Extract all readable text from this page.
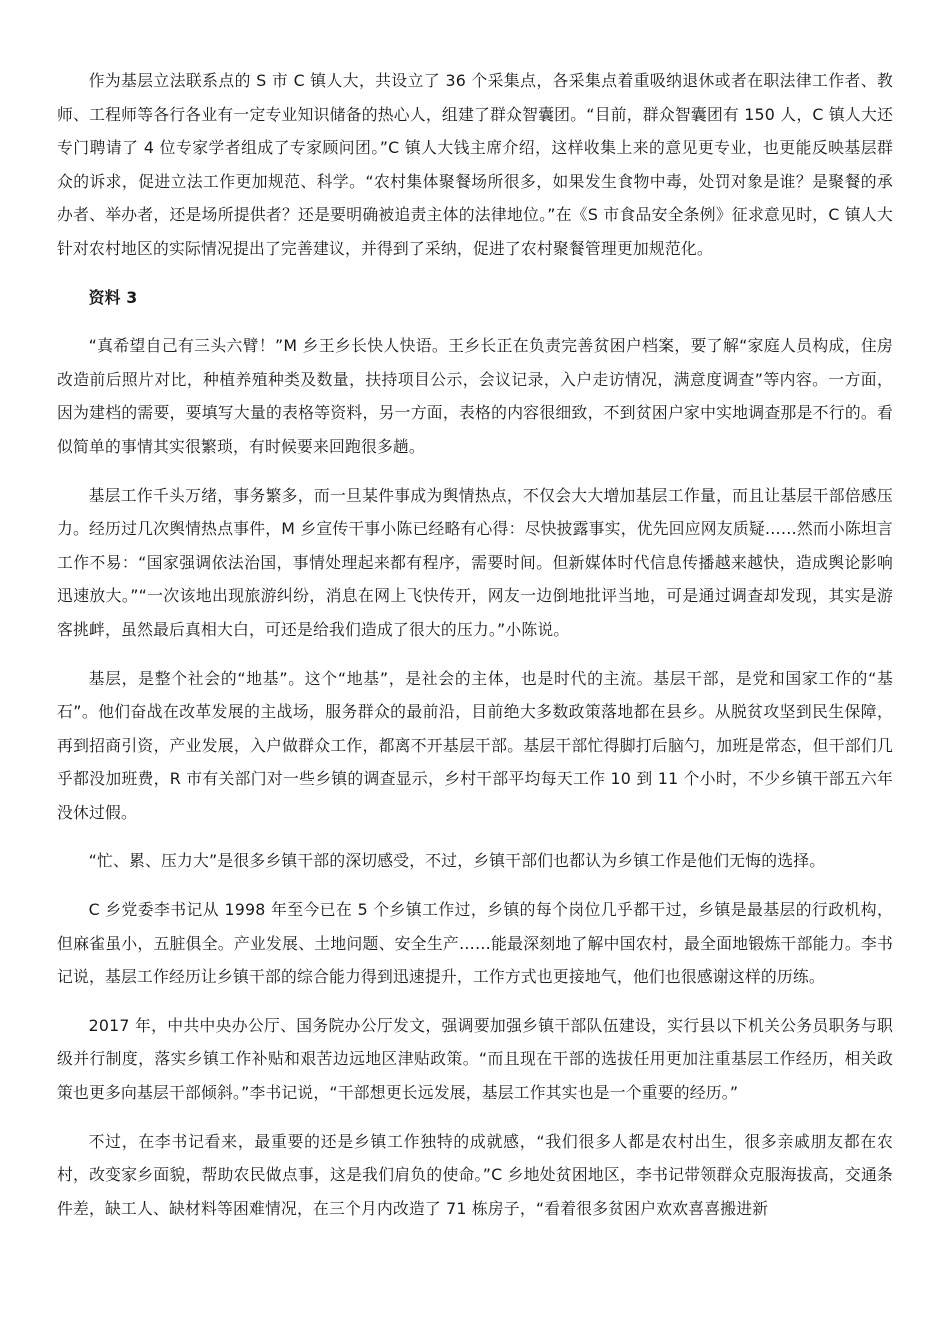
作为基层立法联系点的 S 市 C 镇人大，共设立了 36 个采集点，各采集点着重吸纳退休或者在职法律工作者、教师、工程师等各行各业有一定专业知识储备的热心人，组建了群众智囊团。“目前，群众智囊团有 150 人，C 镇人大还专门聘请了 4 位专家学者组成了专家顾问团。”C 镇人大钱主席介绍，这样收集上来的意见更专业，也更能反映基层群众的诉求，促进立法工作更加规范、科学。“农村集体聚餐场所很多，如果发生食物中毒，处罚对象是谁？是聚餐的承办者、举办者，还是场所提供者？还是要明确被追责主体的法律地位。”在《S 市食品安全条例》征求意见时，C 镇人大针对农村地区的实际情况提出了完善建议，并得到了采纳，促进了农村聚餐管理更加规范化。

资料 3

“真希望自己有三头六臂！”M 乡王乡长快人快语。王乡长正在负责完善贫困户档案，要了解“家庭人员构成，住房改造前后照片对比，种植养殖种类及数量，扶持项目公示，会议记录，入户走访情况，满意度调查”等内容。一方面，因为建档的需要，要填写大量的表格等资料，另一方面，表格的内容很细致，不到贫困户家中实地调查那是不行的。看似简单的事情其实很繁琐，有时候要来回跑很多趟。

基层工作千头万绪，事务繁多，而一旦某件事成为舆情热点，不仅会大大增加基层工作量，而且让基层干部倍感压力。经历过几次舆情热点事件，M 乡宣传干事小陈已经略有心得：尽快披露事实，优先回应网友质疑……然而小陈坦言工作不易：“国家强调依法治国，事情处理起来都有程序，需要时间。但新媒体时代信息传播越来越快，造成舆论影响迅速放大。”“一次该地出现旅游纠纷，消息在网上飞快传开，网友一边倒地批评当地，可是通过调查却发现，其实是游客挑衅，虽然最后真相大白，可还是给我们造成了很大的压力。”小陈说。

基层，是整个社会的“地基”。这个“地基”，是社会的主体，也是时代的主流。基层干部，是党和国家工作的“基石”。他们奋战在改革发展的主战场，服务群众的最前沿，目前绝大多数政策落地都在县乡。从脱贫攻坚到民生保障，再到招商引资，产业发展，入户做群众工作，都离不开基层干部。基层干部忙得脚打后脑勺，加班是常态，但干部们几乎都没加班费，R 市有关部门对一些乡镇的调查显示，乡村干部平均每天工作 10 到 11 个小时，不少乡镇干部五六年没休过假。

“忙、累、压力大”是很多乡镇干部的深切感受，不过，乡镇干部们也都认为乡镇工作是他们无悔的选择。

C 乡党委李书记从 1998 年至今已在 5 个乡镇工作过，乡镇的每个岗位几乎都干过，乡镇是最基层的行政机构，但麻雀虽小，五脏俱全。产业发展、土地问题、安全生产……能最深刻地了解中国农村，最全面地锻炼干部能力。李书记说，基层工作经历让乡镇干部的综合能力得到迅速提升，工作方式也更接地气，他们也很感谢这样的历练。

2017 年，中共中央办公厅、国务院办公厅发文，强调要加强乡镇干部队伍建设，实行县以下机关公务员职务与职级并行制度，落实乡镇工作补贴和艰苦边远地区津贴政策。“而且现在干部的选拔任用更加注重基层工作经历，相关政策也更多向基层干部倾斜。”李书记说，“干部想更长远发展，基层工作其实也是一个重要的经历。”

不过，在李书记看来，最重要的还是乡镇工作独特的成就感，“我们很多人都是农村出生，很多亲戚朋友都在农村，改变家乡面貌，帮助农民做点事，这是我们肩负的使命。”C 乡地处贫困地区，李书记带领群众克服海拔高，交通条件差，缺工人、缺材料等困难情况，在三个月内改造了 71 栋房子，“看着很多贫困户欢欢喜喜搬进新
